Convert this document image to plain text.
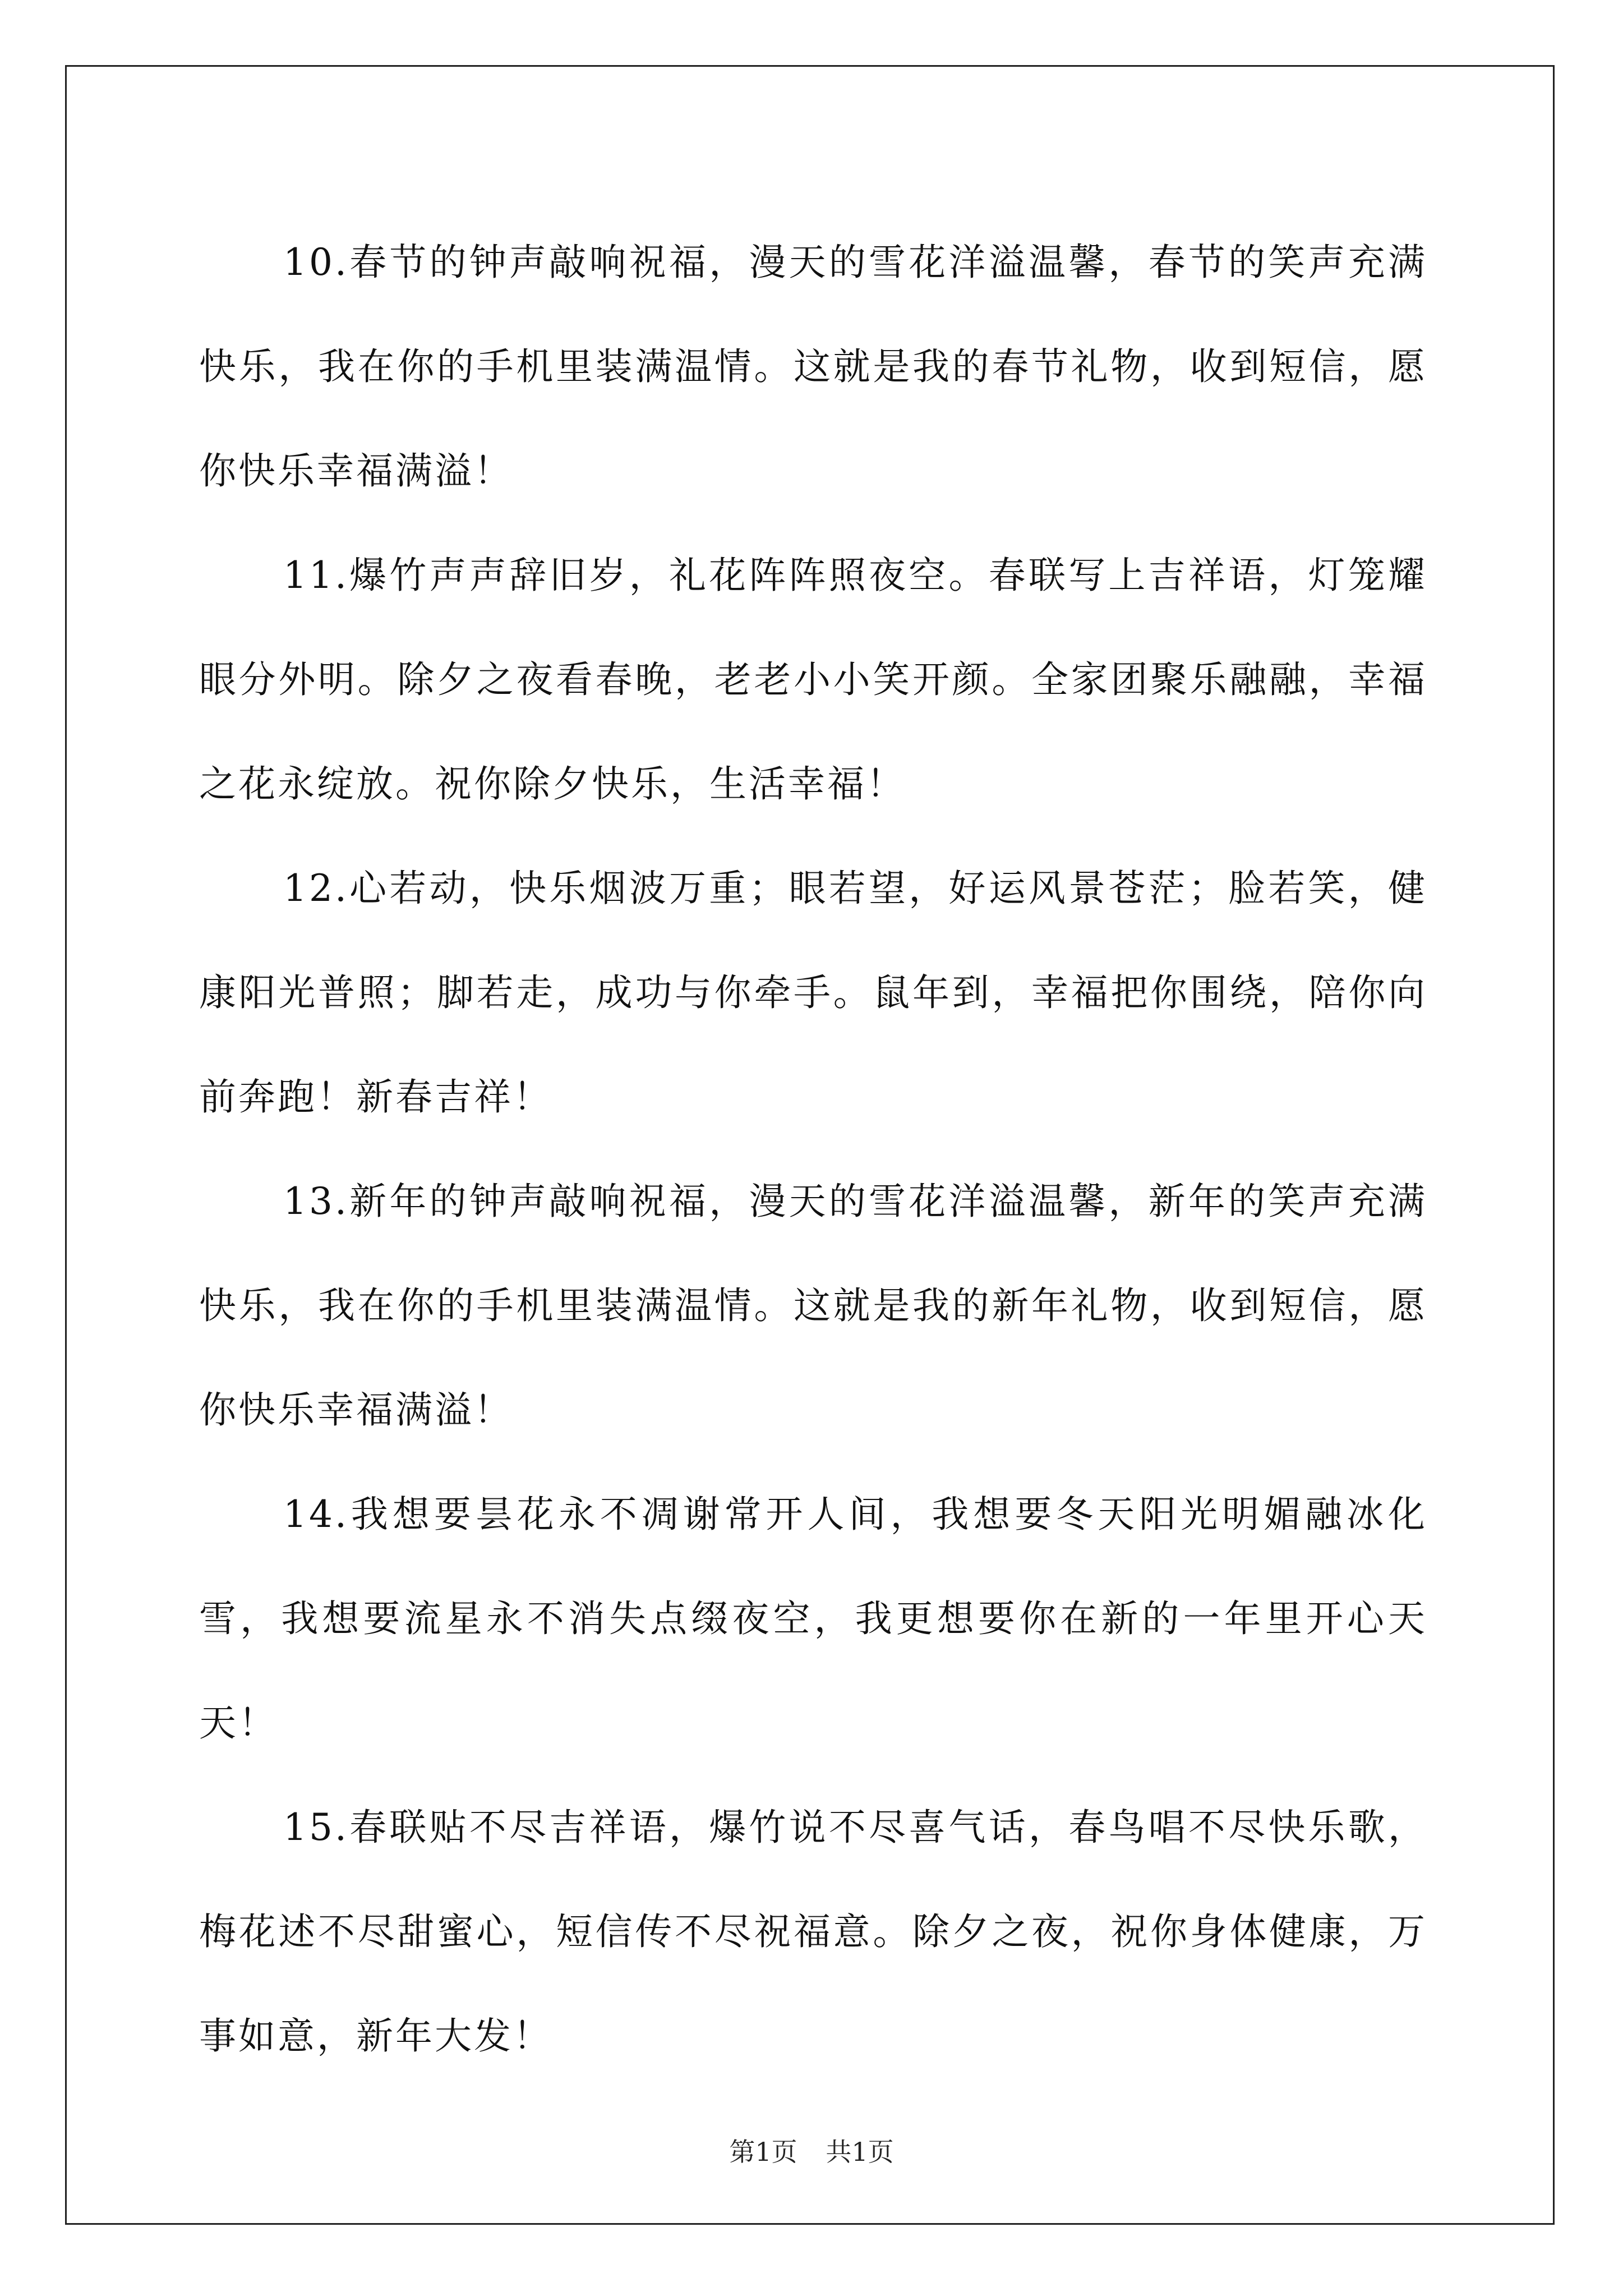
10.春节的钟声敲响祝福，漫天的雪花洋溢温馨，春节的笑声充满快乐，我在你的手机里装满温情。这就是我的春节礼物，收到短信，愿你快乐幸福满溢！

11.爆竹声声辞旧岁，礼花阵阵照夜空。春联写上吉祥语，灯笼耀眼分外明。除夕之夜看春晚，老老小小笑开颜。全家团聚乐融融，幸福之花永绽放。祝你除夕快乐，生活幸福！

12.心若动，快乐烟波万重；眼若望，好运风景苍茫；脸若笑，健康阳光普照；脚若走，成功与你牵手。鼠年到，幸福把你围绕，陪你向前奔跑！新春吉祥！

13.新年的钟声敲响祝福，漫天的雪花洋溢温馨，新年的笑声充满快乐，我在你的手机里装满温情。这就是我的新年礼物，收到短信，愿你快乐幸福满溢！

14.我想要昙花永不凋谢常开人间，我想要冬天阳光明媚融冰化雪，我想要流星永不消失点缀夜空，我更想要你在新的一年里开心天天！

15.春联贴不尽吉祥语，爆竹说不尽喜气话，春鸟唱不尽快乐歌，梅花述不尽甜蜜心，短信传不尽祝福意。除夕之夜，祝你身体健康，万事如意，新年大发！

第1页 共1页
